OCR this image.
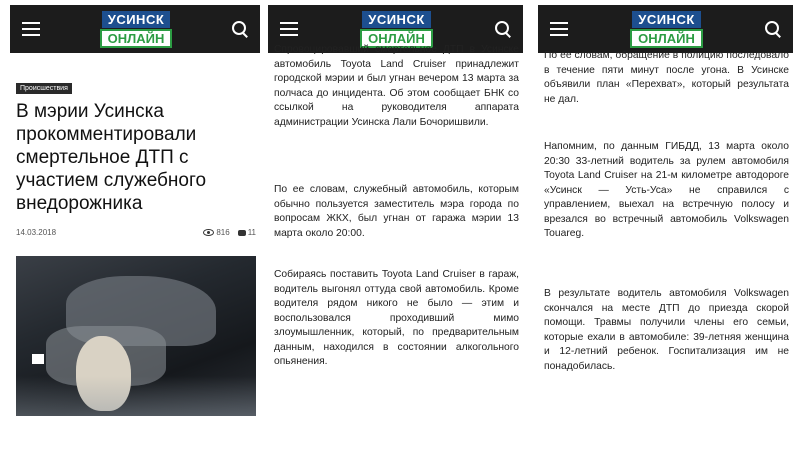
УСИНСК
ОНЛАЙН
Происшествия
В мэрии Усинска прокомментировали смертельное ДТП с участием служебного внедорожника
14.03.2018	816	11
УСИНСК
ОНЛАЙН

Спровоцировавший смертельное ДТП в Усинске автомобиль Toyota Land Cruiser принадлежит городской мэрии и был угнан вечером 13 марта за полчаса до инцидента. Об этом сообщает БНК со ссылкой на руководителя аппарата администрации Усинска Лали Бочоришвили.

По ее словам, служебный автомобиль, которым обычно пользуется заместитель мэра города по вопросам ЖКХ, был угнан от гаража мэрии 13 марта около 20:00.

Собираясь поставить Toyota Land Cruiser в гараж, водитель выгонял оттуда свой автомобиль. Кроме водителя рядом никого не было — этим и воспользовался проходивший мимо злоумышленник, который, по предварительным данным, находился в состоянии алкогольного опьянения.

УСИНСК
ОНЛАЙН

По ее словам, обращение в полицию последовало в течение пяти минут после угона. В Усинске объявили план «Перехват», который результата не дал.

Напомним, по данным ГИБДД, 13 марта около 20:30 33-летний водитель за рулем автомобиля Toyota Land Cruiser на 21-м километре автодороге «Усинск — Усть-Уса» не справился с управлением, выехал на встречную полосу и врезался во встречный автомобиль Volkswagen Touareg.

В результате водитель автомобиля Volkswagen скончался на месте ДТП до приезда скорой помощи. Травмы получили члены его семьи, которые ехали в автомобиле: 39-летняя женщина и 12-летний ребенок. Госпитализация им не понадобилась.
